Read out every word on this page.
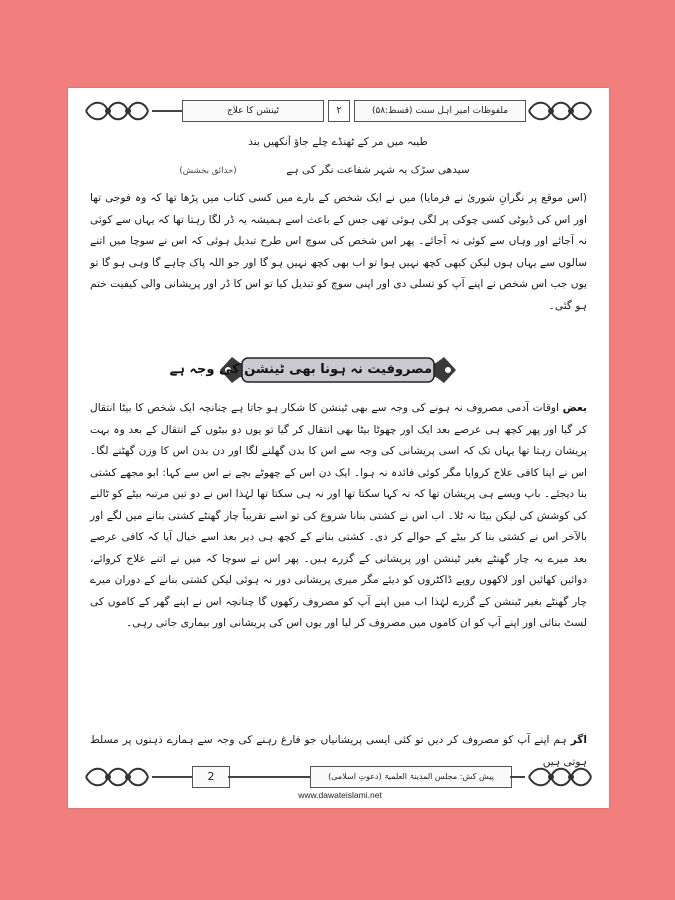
ٹینشن کا علاج	۲	ملفوظات امیر اہل سنت (قسط:۵۸)
طیبہ میں مر کے ٹھنڈے چلے جاؤ آنکھیں بند
سیدھی سڑک یہ شہر شفاعت نگر کی ہے
(حدائق بخشش)
(اس موقع پر نگرانِ شوریٰ نے فرمایا) میں نے ایک شخص کے بارے میں کسی کتاب میں پڑھا تھا کہ وہ فوجی تھا اور اس کی ڈیوٹی کسی چوکی پر لگی ہوئی تھی جس کے باعث اسے ہمیشہ یہ ڈر لگا رہتا تھا کہ یہاں سے کوئی نہ آجائے اور وہاں سے کوئی نہ آجائے۔ پھر اس شخص کی سوچ اس طرح تبدیل ہوئی کہ اس نے سوچا میں اتنے سالوں سے یہاں ہوں لیکن کبھی کچھ نہیں ہوا تو اب بھی کچھ نہیں ہو گا اور جو اللہ پاک چاہے گا وہی ہو گا تو یوں جب اس شخص نے اپنے آپ کو تسلی دی اور اپنی سوچ کو تبدیل کیا تو اس کا ڈر اور پریشانی والی کیفیت ختم ہو گئی۔
مصروفیت نہ ہونا بھی ٹینشن کی وجہ ہے
بعض اوقات آدمی مصروف نہ ہونے کی وجہ سے بھی ٹینشن کا شکار ہو جاتا ہے چنانچہ ایک شخص کا بیٹا انتقال کر گیا اور پھر کچھ ہی عرصے بعد ایک اور چھوٹا بیٹا بھی انتقال کر گیا تو یوں دو بیٹوں کے انتقال کے بعد وہ بہت پریشان رہتا تھا یہاں تک کہ اسی پریشانی کی وجہ سے اس کا بدن گھلنے لگا اور دن بدن اس کا وزن گھٹنے لگا۔ اس نے اپنا کافی علاج کروایا مگر کوئی فائدہ نہ ہوا۔ ایک دن اس کے چھوٹے بچے نے اس سے کہا: ابو مجھے کشتی بنا دیجئے۔ باپ ویسے ہی پریشان تھا کہ نہ کہا سکتا تھا اور نہ ہی سکتا تھا لہٰذا اس نے دو تین مرتبہ بیٹے کو ٹالنے کی کوشش کی لیکن بیٹا نہ ٹلا۔ اب اس نے کشتی بنانا شروع کی تو اسے تقریباً چار گھنٹے کشتی بنانے میں لگے اور بالآخر اس نے کشتی بنا کر بیٹے کے حوالے کر دی۔ کشتی بنانے کے کچھ ہی دیر بعد اسے خیال آیا کہ کافی عرصے بعد میرے یہ چار گھنٹے بغیر ٹینشن اور پریشانی کے گزرے ہیں۔ پھر اس نے سوچا کہ میں نے اتنے علاج کروائے، دوائیں کھائیں اور لاکھوں روپے ڈاکٹروں کو دیئے مگر میری پریشانی دور نہ ہوئی لیکن کشتی بنانے کے دوران میرے چار گھنٹے بغیر ٹینشن کے گزرے لہٰذا اب میں اپنے آپ کو مصروف رکھوں گا چنانچہ اس نے اپنے گھر کے کاموں کی لسٹ بنائی اور اپنے آپ کو ان کاموں میں مصروف کر لیا اور یوں اس کی پریشانی اور بیماری جاتی رہی۔
اگر ہم اپنے آپ کو مصروف کر دیں تو کئی ایسی پریشانیاں جو فارغ رہنے کی وجہ سے ہمارے ذہنوں پر مسلط ہوتی ہیں
2	پیش کش: مجلس المدینۃ العلمیۃ (دعوتِ اسلامی)
www.dawateislami.net
